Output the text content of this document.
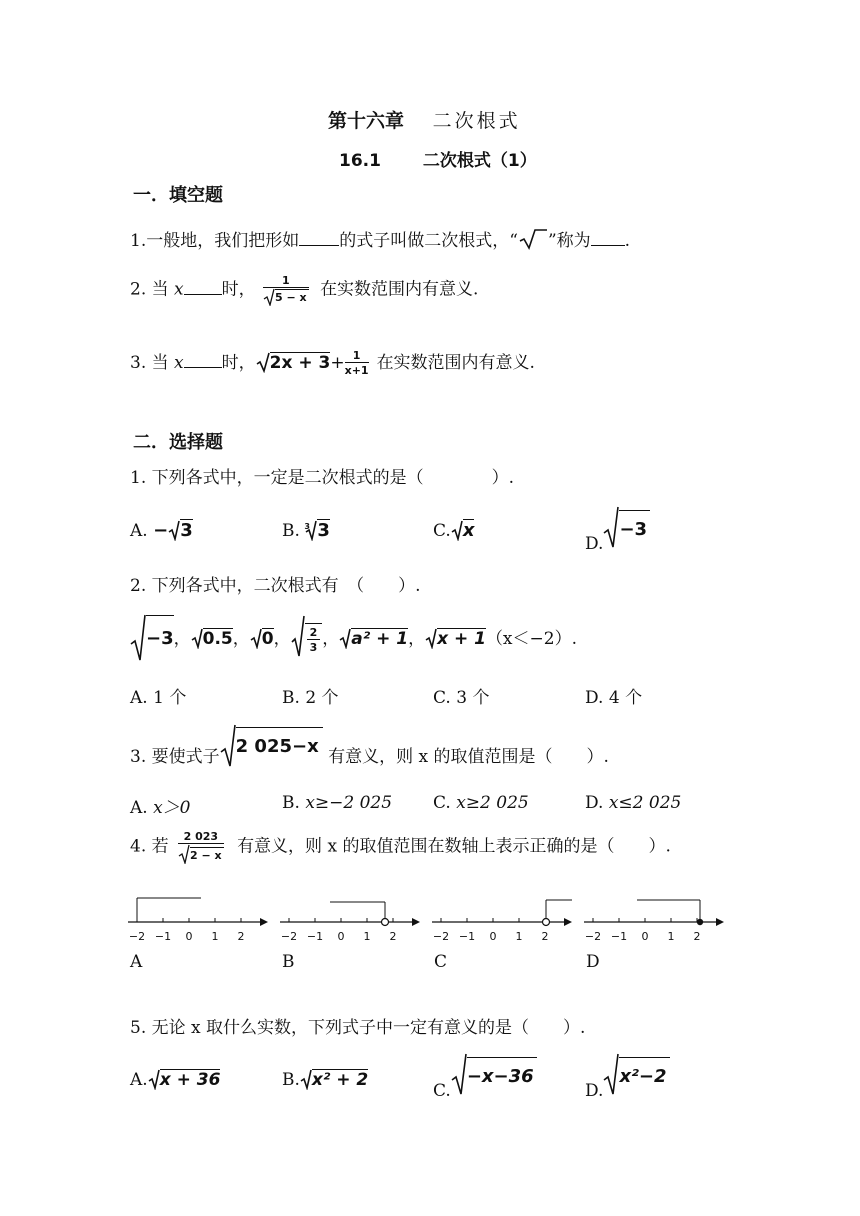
第十六章 二次根式
16.1 二次根式（1）
一．填空题
1.一般地，我们把形如 的式子叫做二次根式，“ ”称为 .
2. 当 x 时， $\frac{1}{5 - x}$ 在实数范围内有意义.
3. 当 x 时， $2x + 3+ \frac{1}{x+1}$ 在实数范围内有意义.
二．选择题
1. 下列各式中，一定是二次根式的是（　　　　）.
A. − 3	B. 3 3	C. x
D.−3
2. 下列各式中，二次根式有　（　　）.
−3， 0.5， 0， $\frac{2}{3}$ ， a² + 1， x + 1（x＜−2）.
A. 1 个	B. 2 个	C. 3 个	D. 4 个
3. 要使式子 2 025−x 有意义，则 x 的取值范围是（　　）.
A. x＞0	B. x≥−2 025 C. x≥2 025	D. x≤2 025
4. 若 $\frac{2 023}{2 - x}$ 有意义，则 x 的取值范围在数轴上表示正确的是（　　）.
−2 −1 0 1 2
A
−2 −1 0 1 2
B
−2 −1 0 1 2
C
−2 −1 0 1 2
D
5. 无论 x 取什么实数，下列式子中一定有意义的是（　　）.
A. x + 36	B. x² + 2
C.−x−36
D.x²−2
